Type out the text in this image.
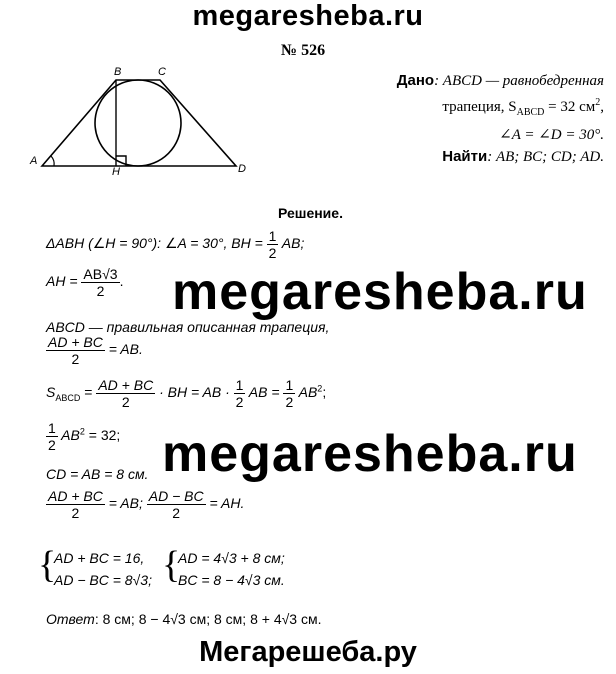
megaresheba.ru
A
B	C
D
H
№ 526
Дано: ABCD — равнобедренная
трапеция, $S_{ABCD} = 32$ $см^2$,
∠A = ∠D = 30°.
Найти: AB; BC; CD; AD.
Решение.
ΔABH (∠H = 90°): ∠A = 30°, BH = $\frac{1}{2}$ AB;
AH = $\frac{AB√3}{2}$ . megaresheba.ru
ABCD — правильная описанная трапеция,
$\frac{AD + BC}{2}$ = AB.
$S_{ABCD} = \frac{AD + BC}{2}$ · BH = AB · $\frac{1}{2}$ AB = $\frac{1}{2} AB^2$;
$\frac{1}{2} AB^2 = 32$; megaresheba.ru
CD = AB = 8 см.
$\frac{AD + BC}{2}$ = AB; $\frac{AD - BC}{2}$ = AH.
{
AD + BC = 16,
AD − BC = 8√3; {
AD = 4√3 + 8 см;
BC = 8 − 4√3 см.
Ответ: 8 см; 8 − 4√3 см; 8 см; 8 + 4√3 см.
Мегарешеба.ру
